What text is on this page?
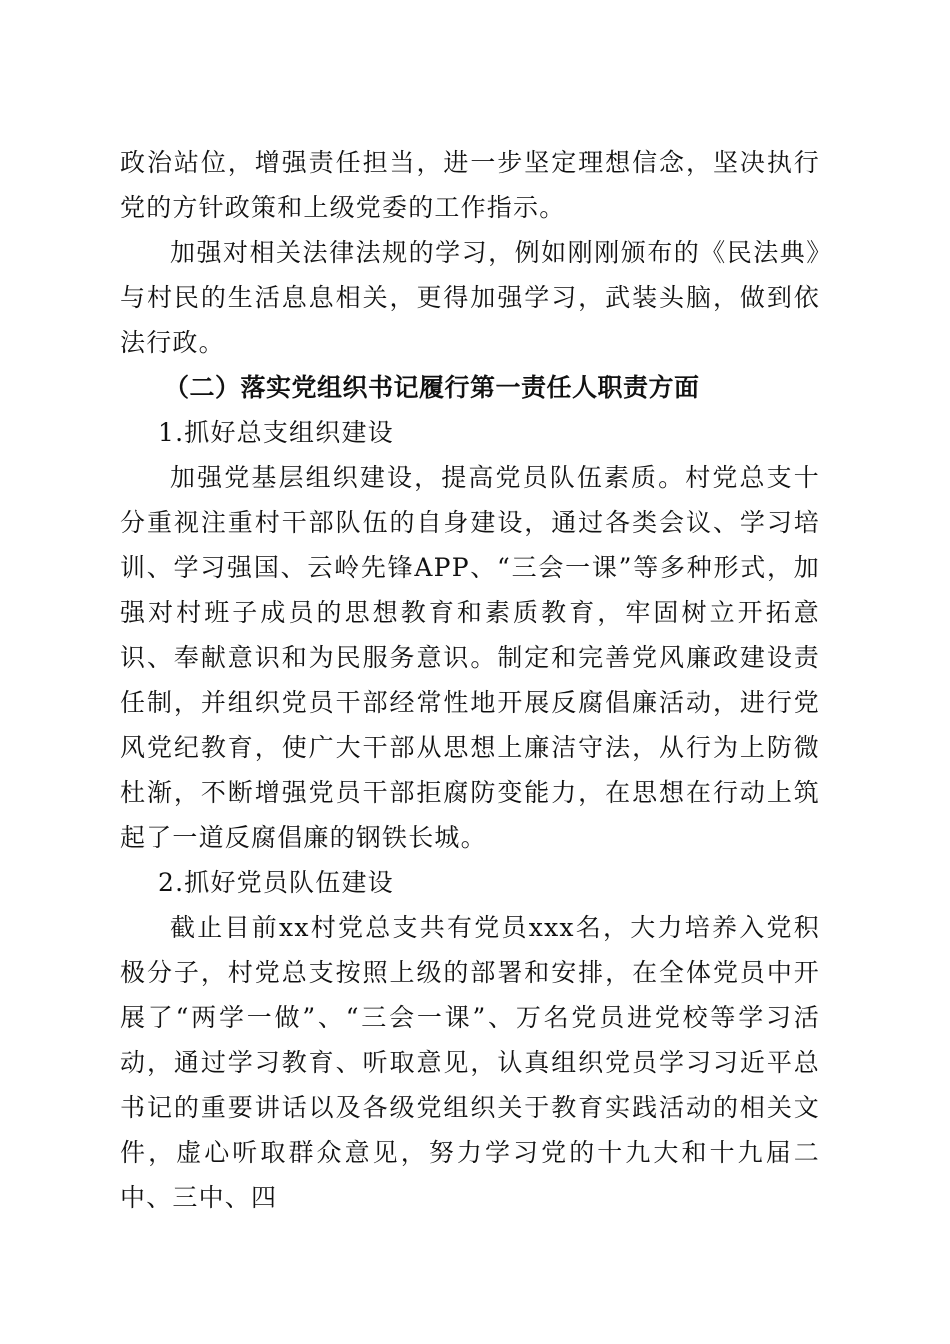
政治站位，增强责任担当，进一步坚定理想信念，坚决执行党的方针政策和上级党委的工作指示。

加强对相关法律法规的学习，例如刚刚颁布的《民法典》与村民的生活息息相关，更得加强学习，武装头脑，做到依法行政。

（二）落实党组织书记履行第一责任人职责方面

1.抓好总支组织建设

加强党基层组织建设，提高党员队伍素质。村党总支十分重视注重村干部队伍的自身建设，通过各类会议、学习培训、学习强国、云岭先锋APP、“三会一课”等多种形式，加强对村班子成员的思想教育和素质教育，牢固树立开拓意识、奉献意识和为民服务意识。制定和完善党风廉政建设责任制，并组织党员干部经常性地开展反腐倡廉活动，进行党风党纪教育，使广大干部从思想上廉洁守法，从行为上防微杜渐，不断增强党员干部拒腐防变能力，在思想在行动上筑起了一道反腐倡廉的钢铁长城。

2.抓好党员队伍建设

截止目前xx村党总支共有党员xxx名，大力培养入党积极分子，村党总支按照上级的部署和安排，在全体党员中开展了“两学一做”、“三会一课”、万名党员进党校等学习活动，通过学习教育、听取意见，认真组织党员学习习近平总书记的重要讲话以及各级党组织关于教育实践活动的相关文件，虚心听取群众意见，努力学习党的十九大和十九届二中、三中、四
